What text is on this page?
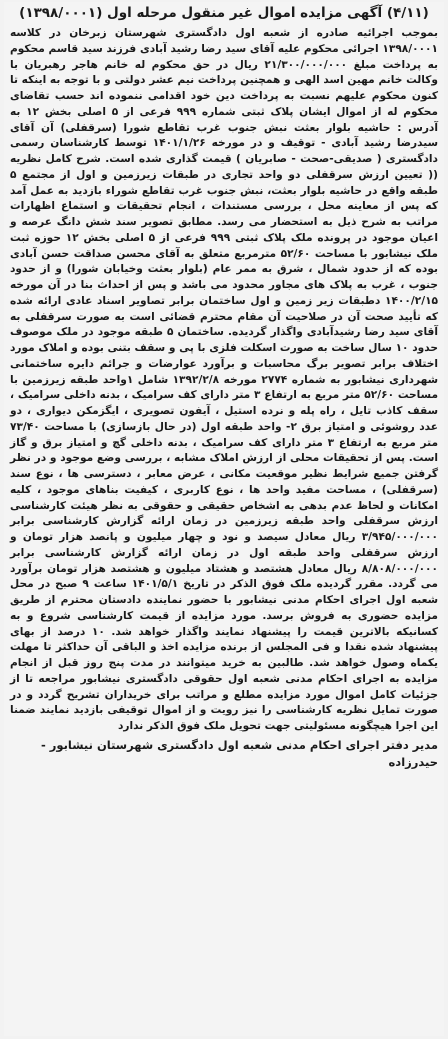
(۴/۱۱) آگهی مزایده اموال غیر منقول مرحله اول (۱۳۹۸/۰۰۰۱)

بموجب اجرائیه صادره از شعبه اول دادگستری شهرستان زبرخان در کلاسه ۱۳۹۸/۰۰۰۱ اجرائی محکوم علیه آقای سید رضا رشید آبادی فرزند سید قاسم محکوم به پرداخت مبلغ ۲۱/۳۰۰/۰۰۰/۰۰۰ ریال در حق محکوم له خانم هاجر رهبریان با وکالت خانم مهین اسد الهی و همچنین پرداخت نیم عشر دولتی و با توجه به اینکه تا کنون محکوم علیهم نسبت به پرداخت دین خود اقدامی ننموده اند حسب تقاضای محکوم له از اموال ایشان پلاک ثبتی شماره ۹۹۹ فرعی از ۵ اصلی بخش ۱۲ به آدرس : حاشیه بلوار بعثت نبش جنوب غرب تقاطع شورا (سرقفلی) آن آقای سیدرضا رشید آبادی - توقیف و در مورخه ۱۴۰۱/۱/۲۶ توسط کارشناسان رسمی دادگستری ( صدیقی-صحت - صابریان ) قیمت گذاری شده است. شرح کامل نظریه (( تعیین ارزش سرقفلی دو واحد تجاری در طبقات زیرزمین و اول از مجتمع ۵ طبقه واقع در حاشیه بلوار بعثت، نبش جنوب غرب تقاطع شوراء بازدید به عمل آمد که پس از معاینه محل ، بررسی مستندات ، انجام تحقیقات و استماع اظهارات مراتب به شرح ذیل به استحضار می رسد. مطابق تصویر سند شش دانگ عرصه و اعیان موجود در پرونده ملک پلاک ثبتی ۹۹۹ فرعی از ۵ اصلی بخش ۱۲ حوزه ثبت ملک نیشابور با مساحت ۵۲/۶۰ مترمربع متعلق به آقای محسن صداقت حسن آبادی بوده که از حدود شمال ، شرق به ممر عام (بلوار بعثت وخیابان شورا) و از حدود جنوب ، غرب به پلاک های مجاور محدود می باشد و پس از احداث بنا در آن مورخه ۱۴۰۰/۲/۱۵ دطبقات زیر زمین و اول ساختمان برابر تصاویر اسناد عادی ارائه شده که تأیید صحت آن در صلاحیت آن مقام محترم قضائی است به صورت سرقفلی به آقای سید رضا رشیدآبادی واگذار گردیده. ساختمان ۵ طبقه موجود در ملک موصوف حدود ۱۰ سال ساخت به صورت اسکلت فلزی با پی و سقف بتنی بوده و املاک مورد اختلاف برابر تصویر برگ محاسبات و برآورد عوارضات و جرائم دایره ساختمانی شهرداری نیشابور به شماره ۲۷۷۴ مورخه ۱۳۹۲/۲/۸ شامل ۱واحد طبقه زیرزمین با مساحت ۵۲/۶۰ متر مربع به ارتفاع ۳ متر دارای کف سرامیک ، بدنه داخلی سرامیک ، سقف کاذب تایل ، راه پله و نرده استیل ، آیفون تصویری ، ایگزمکن دیواری ، دو عدد روشوئی و امتیاز برق ۲- واحد طبقه اول (در حال بازسازی) با مساحت ۷۳/۴۰ متر مربع به ارتفاع ۳ متر دارای کف سرامیک ، بدنه داخلی گچ و امتیاز برق و گاز است. پس از تحقیقات محلی از ارزش املاک مشابه ، بررسی وضع موجود و در نظر گرفتن جمیع شرایط نظیر موقعیت مکانی ، عرض معابر ، دسترسی ها ، نوع سند (سرقفلی) ، مساحت مفید واحد ها ، نوع کاربری ، کیفیت بناهای موجود ، کلیه امکانات و لحاظ عدم بدهی به اشخاص حقیقی و حقوقی به نظر هیئت کارشناسی ارزش سرقفلی واحد طبقه زیرزمین در زمان ارائه گزارش کارشناسی برابر ۳/۹۴۵/۰۰۰/۰۰۰ ریال معادل سیصد و نود و چهار میلیون و پانصد هزار تومان و ارزش سرقفلی واحد طبقه اول در زمان ارائه گزارش کارشناسی برابر ۸/۸۰۸/۰۰۰/۰۰۰ ریال معادل هشتصد و هشتاد میلیون و هشتصد هزار تومان برآورد می گردد. مقرر گردیده ملک فوق الذکر در تاریخ ۱۴۰۱/۵/۱ ساعت ۹ صبح در محل شعبه اول اجرای احکام مدنی نیشابور با حضور نماینده دادستان محترم از طریق مزایده حضوری به فروش برسد. مورد مزایده از قیمت کارشناسی شروع و به کسانیکه بالاترین قیمت را پیشنهاد نمایند واگذار خواهد شد. ۱۰ درصد از بهای پیشنهاد شده نقدا و فی المجلس از برنده مزایده اخذ و الباقی آن حداکثر تا مهلت یکماه وصول خواهد شد. طالبین به خرید میتوانند در مدت پنج روز قبل از انجام مزایده به اجرای احکام مدنی شعبه اول حقوقی دادگستری نیشابور مراجعه تا از جزئیات کامل اموال مورد مزایده مطلع و مراتب برای خریداران تشریح گردد و در صورت تمایل نظریه کارشناسی را نیز رویت و از اموال توقیفی بازدید نمایند ضمنا این اجرا هیچگونه مسئولیتی جهت تحویل ملک فوق الذکر ندارد

مدیر دفتر اجرای احکام مدنی شعبه اول دادگستری شهرستان نیشابور - حیدرزاده
